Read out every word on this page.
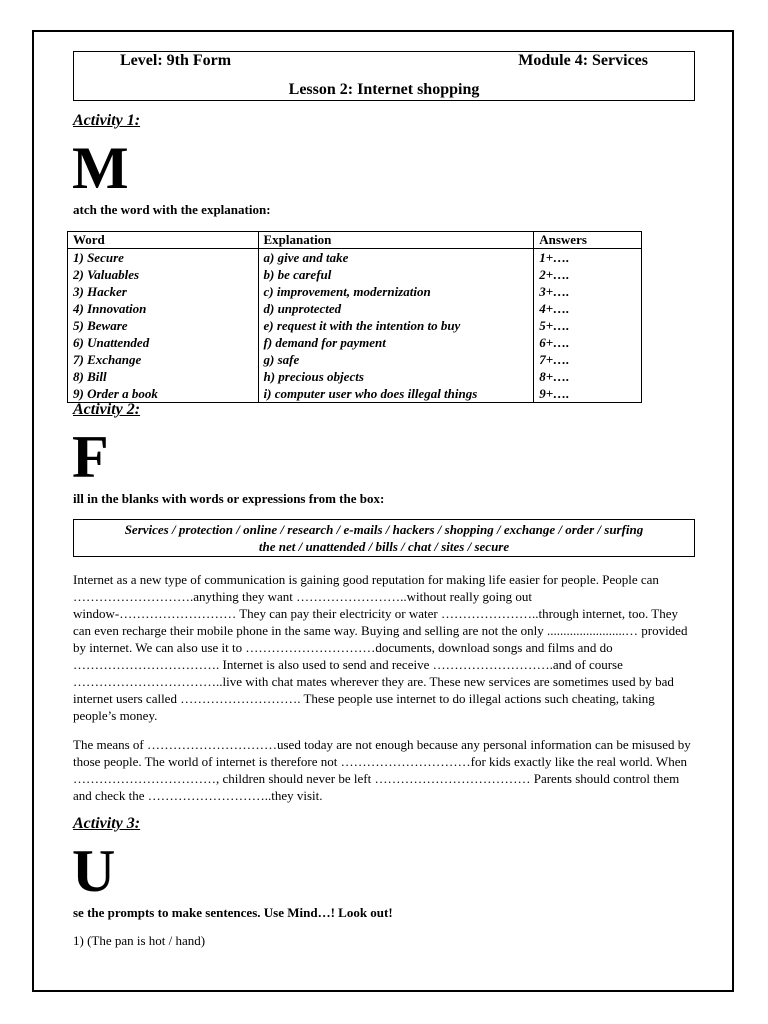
Level: 9th Form	Module 4: Services
Lesson 2: Internet shopping
Activity 1:
M
atch the word with the explanation:
Word	Explanation	Answers
1) Secure	a) give and take	1+….
2) Valuables	b) be careful	2+….
3) Hacker	c) improvement, modernization	3+….
4) Innovation	d) unprotected	4+….
5) Beware	e) request it with the intention to buy	5+….
6) Unattended	f) demand for payment	6+….
7) Exchange	g) safe	7+….
8) Bill	h) precious objects	8+….
9) Order a book	i) computer user who does illegal things	9+….
Activity 2:
F
ill in the blanks with words or expressions from the box:
Services / protection / online / research / e-mails / hackers / shopping / exchange / order / surfing
the net / unattended / bills / chat / sites / secure
Internet as a new type of communication is gaining good reputation for making life easier for people. People can ……………………….anything they want ……………………..without really going out window-……………………… They can pay their electricity or water …………………..through internet, too. They can even recharge their mobile phone in the same way. Buying and selling are not the only ........................… provided by internet. We can also use it to …………………………documents, download songs and films and do ……………………………. Internet is also used to send and receive ……………………….and of course ……………………………..live with chat mates wherever they are. These new services are sometimes used by bad internet users called ………………………. These people use internet to do illegal actions such cheating, taking people’s money.
The means of …………………………used today are not enough because any personal information can be misused by those people. The world of internet is therefore not …………………………for kids exactly like the real world. When ……………………………, children should never be left ……………………………… Parents should control them and check the ………………………..they visit.
Activity 3:
U
se the prompts to make sentences. Use Mind…! Look out!
1) (The pan is hot / hand)
